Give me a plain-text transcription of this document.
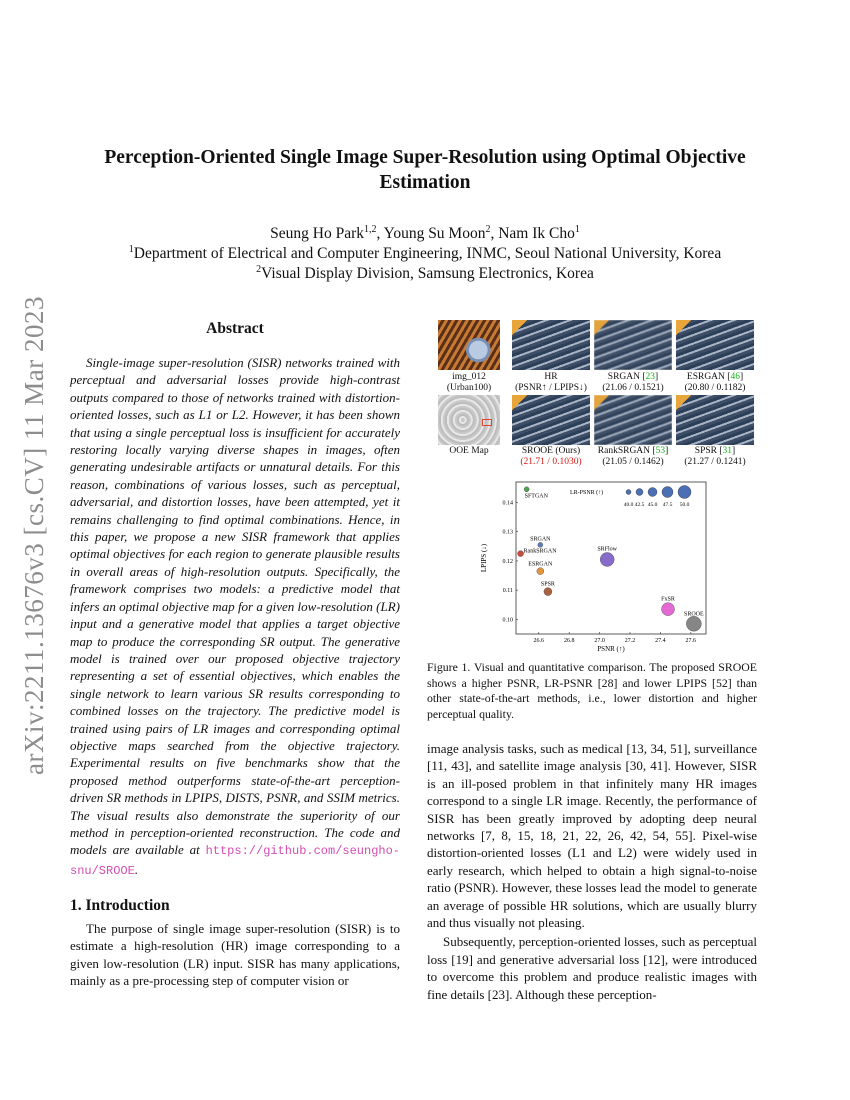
arXiv:2211.13676v3 [cs.CV] 11 Mar 2023
Perception-Oriented Single Image Super-Resolution using Optimal Objective
Estimation
Seung Ho Park$^{1,2}$, Young Su Moon$^2$, Nam Ik Cho$^1$
$^1$Department of Electrical and Computer Engineering, INMC, Seoul National University, Korea
$^2$Visual Display Division, Samsung Electronics, Korea
Abstract
Single-image super-resolution (SISR) networks trained with perceptual and adversarial losses provide high-contrast outputs compared to those of networks trained with distortion-oriented losses, such as L1 or L2. However, it has been shown that using a single perceptual loss is insufficient for accurately restoring locally varying diverse shapes in images, often generating undesirable artifacts or unnatural details. For this reason, combinations of various losses, such as perceptual, adversarial, and distortion losses, have been attempted, yet it remains challenging to find optimal combinations. Hence, in this paper, we propose a new SISR framework that applies optimal objectives for each region to generate plausible results in overall areas of high-resolution outputs. Specifically, the framework comprises two models: a predictive model that infers an optimal objective map for a given low-resolution (LR) input and a generative model that applies a target objective map to produce the corresponding SR output. The generative model is trained over our proposed objective trajectory representing a set of essential objectives, which enables the single network to learn various SR results corresponding to combined losses on the trajectory. The predictive model is trained using pairs of LR images and corresponding optimal objective maps searched from the objective trajectory. Experimental results on five benchmarks show that the proposed method outperforms state-of-the-art perception-driven SR methods in LPIPS, DISTS, PSNR, and SSIM metrics. The visual results also demonstrate the superiority of our method in perception-oriented reconstruction. The code and models are available at https://github.com/seungho-snu/SROOE.
1. Introduction
The purpose of single image super-resolution (SISR) is to estimate a high-resolution (HR) image corresponding to a given low-resolution (LR) input. SISR has many applications, mainly as a pre-processing step of computer vision or
img_012
(Urban100)
HR
(PSNR↑ / LPIPS↓)
SRGAN [23]
(21.06 / 0.1521)
ESRGAN [46]
(20.80 / 0.1182)
OOE Map	SROOE (Ours)
(21.71 / 0.1030)
RankSRGAN [53]
(21.05 / 0.1462)
SPSR [31]
(21.27 / 0.1241)
26.6	26.8	27.0	27.2	27.4	27.6
0.10
0.11
0.12
0.13
0.14
SFTGAN
SRGAN
RankSRGAN
ESRGAN
SPSR
SRFlow
FxSR
SROOE
LR-PSNR (↑)
40.0 42.5 45.0 47.5 50.0
PSNR (↑)
LPIPS (↓)
Figure 1. Visual and quantitative comparison. The proposed SROOE shows a higher PSNR, LR-PSNR [28] and lower LPIPS [52] than other state-of-the-art methods, i.e., lower distortion and higher perceptual quality.

image analysis tasks, such as medical [13, 34, 51], surveillance [11, 43], and satellite image analysis [30, 41]. However, SISR is an ill-posed problem in that infinitely many HR images correspond to a single LR image. Recently, the performance of SISR has been greatly improved by adopting deep neural networks [7, 8, 15, 18, 21, 22, 26, 42, 54, 55]. Pixel-wise distortion-oriented losses (L1 and L2) were widely used in early research, which helped to obtain a high signal-to-noise ratio (PSNR). However, these losses lead the model to generate an average of possible HR solutions, which are usually blurry and thus visually not pleasing.

Subsequently, perception-oriented losses, such as perceptual loss [19] and generative adversarial loss [12], were introduced to overcome this problem and produce realistic images with fine details [23]. Although these perception-
